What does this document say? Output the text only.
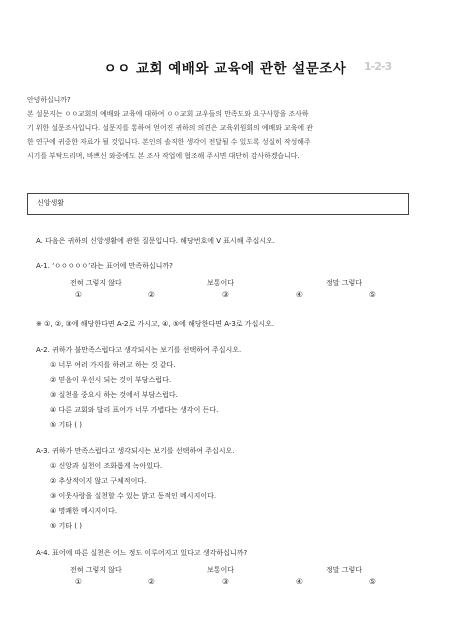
ㅇㅇ 교회 예배와 교육에 관한 설문조사	1-2-3
안녕하십니까?
본 설문지는 ㅇㅇ교회의 예배와 교육에 대하여 ㅇㅇ교회 교우들의 만족도와 요구사항을 조사하
기 위한 설문조사입니다. 설문지를 통하여 얻어진 귀하의 의견은 교육위원회의 예배와 교육에 관
한 연구에 귀중한 자료가 될 것입니다. 본인의 솔직한 생각이 전달될 수 있도록 성실히 작성해주
시기를 부탁드리며, 바쁘신 와중에도 본 조사 작업에 협조해 주시면 대단히 감사하겠습니다.
신앙생활
A. 다음은 귀하의 신앙생활에 관한 질문입니다. 해당번호에 V 표시해 주십시오.
A-1. ‘ㅇㅇㅇㅇㅇ’라는 표어에 만족하십니까?
전혀 그렇지 않다	보통이다	정말 그렇다
①	②	③	④	⑤
※ ①, ②, ③에 해당한다면 A-2로 가시고, ④, ⑤에 해당한다면 A-3로 가십시오.
A-2. 귀하가 불만족스럽다고 생각되시는 보기를 선택하여 주십시오.
① 너무 여러 가지를 하려고 하는 것 같다.
② 믿음이 우선시 되는 것이 부담스럽다.
③ 실천을 중요시 하는 것에서 부담스럽다.
④ 다른 교회와 달리 표어가 너무 가볍다는 생각이 든다.
⑤ 기타 ( )
A-3. 귀하가 만족스럽다고 생각되시는 보기를 선택하여 주십시오.
① 신앙과 실천이 조화롭게 녹아있다.
② 추상적이지 않고 구체적이다.
③ 이웃사랑을 실천할 수 있는 밝고 동적인 메시지이다.
④ 명쾌한 메시지이다.
⑤ 기타 ( )
A-4. 표어에 따른 실천은 어느 정도 이루어지고 있다고 생각하십니까?
전혀 그렇지 않다	보통이다	정말 그렇다
①	②	③	④	⑤
